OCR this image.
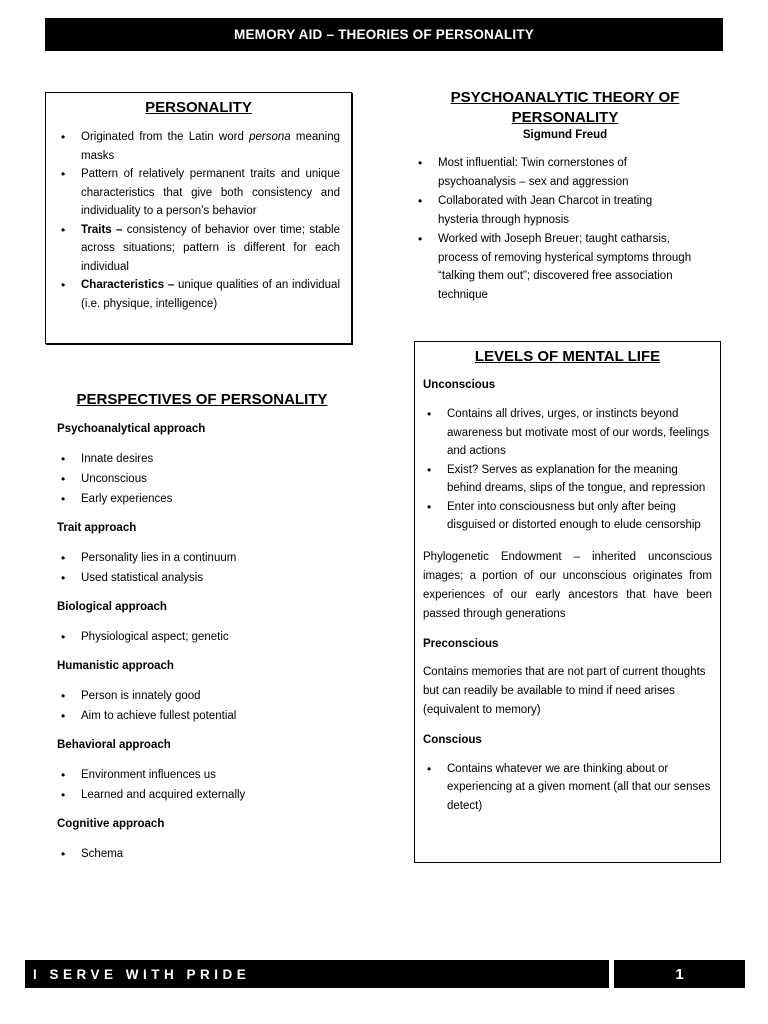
MEMORY AID – THEORIES OF PERSONALITY
PERSONALITY
• Originated from the Latin word persona meaning masks
• Pattern of relatively permanent traits and unique characteristics that give both consistency and individuality to a person’s behavior
• Traits – consistency of behavior over time; stable across situations; pattern is different for each individual
• Characteristics – unique qualities of an individual (i.e. physique, intelligence)
PSYCHOANALYTIC THEORY OF
PERSONALITY
Sigmund Freud
• Most influential: Twin cornerstones of psychoanalysis – sex and aggression
• Collaborated with Jean Charcot in treating hysteria through hypnosis
• Worked with Joseph Breuer; taught catharsis, process of removing hysterical symptoms through “talking them out”; discovered free association technique
PERSPECTIVES OF PERSONALITY
Psychoanalytical approach
• Innate desires
• Unconscious
• Early experiences
Trait approach
• Personality lies in a continuum
• Used statistical analysis
Biological approach
• Physiological aspect; genetic
Humanistic approach
• Person is innately good
• Aim to achieve fullest potential
Behavioral approach
• Environment influences us
• Learned and acquired externally
Cognitive approach
• Schema
LEVELS OF MENTAL LIFE
Unconscious
• Contains all drives, urges, or instincts beyond awareness but motivate most of our words, feelings and actions
• Exist? Serves as explanation for the meaning behind dreams, slips of the tongue, and repression
• Enter into consciousness but only after being disguised or distorted enough to elude censorship

Phylogenetic Endowment – inherited unconscious images; a portion of our unconscious originates from experiences of our early ancestors that have been passed through generations

Preconscious

Contains memories that are not part of current thoughts but can readily be available to mind if need arises (equivalent to memory)

Conscious
• Contains whatever we are thinking about or experiencing at a given moment (all that our senses detect)
I SERVE WITH PRIDE	1
